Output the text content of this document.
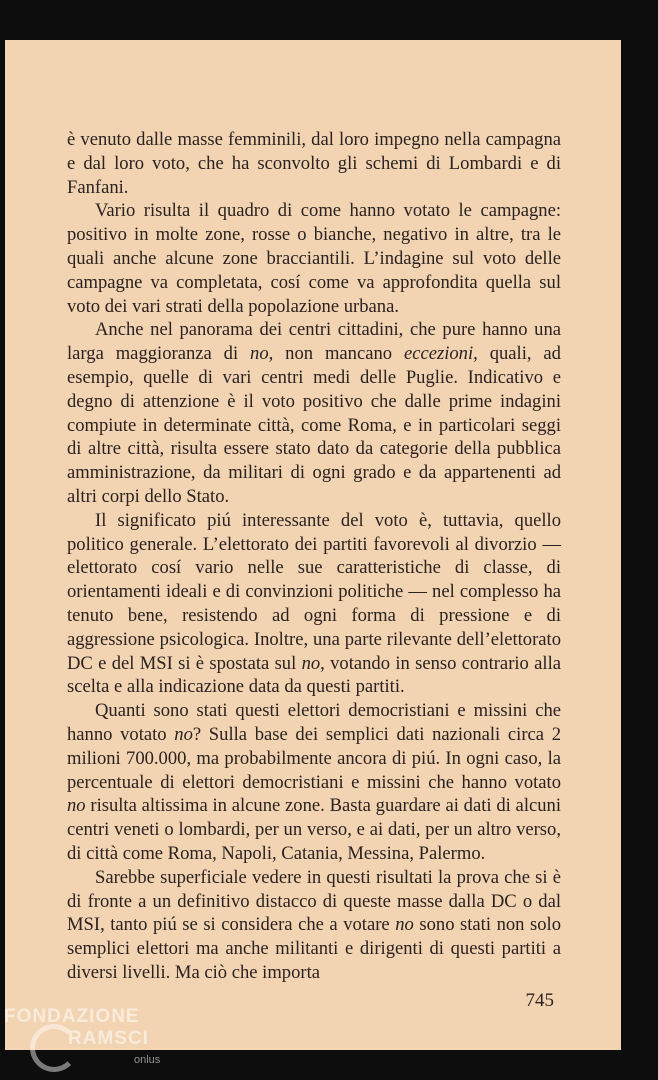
è venuto dalle masse femminili, dal loro impegno nella campagna e dal loro voto, che ha sconvolto gli schemi di Lombardi e di Fanfani.

Vario risulta il quadro di come hanno votato le campagne: positivo in molte zone, rosse o bianche, negativo in altre, tra le quali anche alcune zone bracciantili. L’indagine sul voto delle campagne va completata, cosí come va approfondita quella sul voto dei vari strati della popolazione urbana.

Anche nel panorama dei centri cittadini, che pure hanno una larga maggioranza di no, non mancano eccezioni, quali, ad esempio, quelle di vari centri medi delle Puglie. Indicativo e degno di attenzione è il voto positivo che dalle prime indagini compiute in determinate città, come Roma, e in particolari seggi di altre città, risulta essere stato dato da categorie della pubblica amministrazione, da militari di ogni grado e da appartenenti ad altri corpi dello Stato.

Il significato piú interessante del voto è, tuttavia, quello politico generale. L’elettorato dei partiti favorevoli al divorzio — elettorato cosí vario nelle sue caratteristiche di classe, di orientamenti ideali e di convinzioni politiche — nel complesso ha tenuto bene, resistendo ad ogni forma di pressione e di aggressione psicologica. Inoltre, una parte rilevante dell’elettorato DC e del MSI si è spostata sul no, votando in senso contrario alla scelta e alla indicazione data da questi partiti.

Quanti sono stati questi elettori democristiani e missini che hanno votato no? Sulla base dei semplici dati nazionali circa 2 milioni 700.000, ma probabilmente ancora di piú. In ogni caso, la percentuale di elettori democristiani e missini che hanno votato no risulta altissima in alcune zone. Basta guardare ai dati di alcuni centri veneti o lombardi, per un verso, e ai dati, per un altro verso, di città come Roma, Napoli, Catania, Messina, Palermo.

Sarebbe superficiale vedere in questi risultati la prova che si è di fronte a un definitivo distacco di queste masse dalla DC o dal MSI, tanto piú se si considera che a votare no sono stati non solo semplici elettori ma anche militanti e dirigenti di questi partiti a diversi livelli. Ma ciò che importa

745
FONDAZIONE
RAMSCI
onlus
